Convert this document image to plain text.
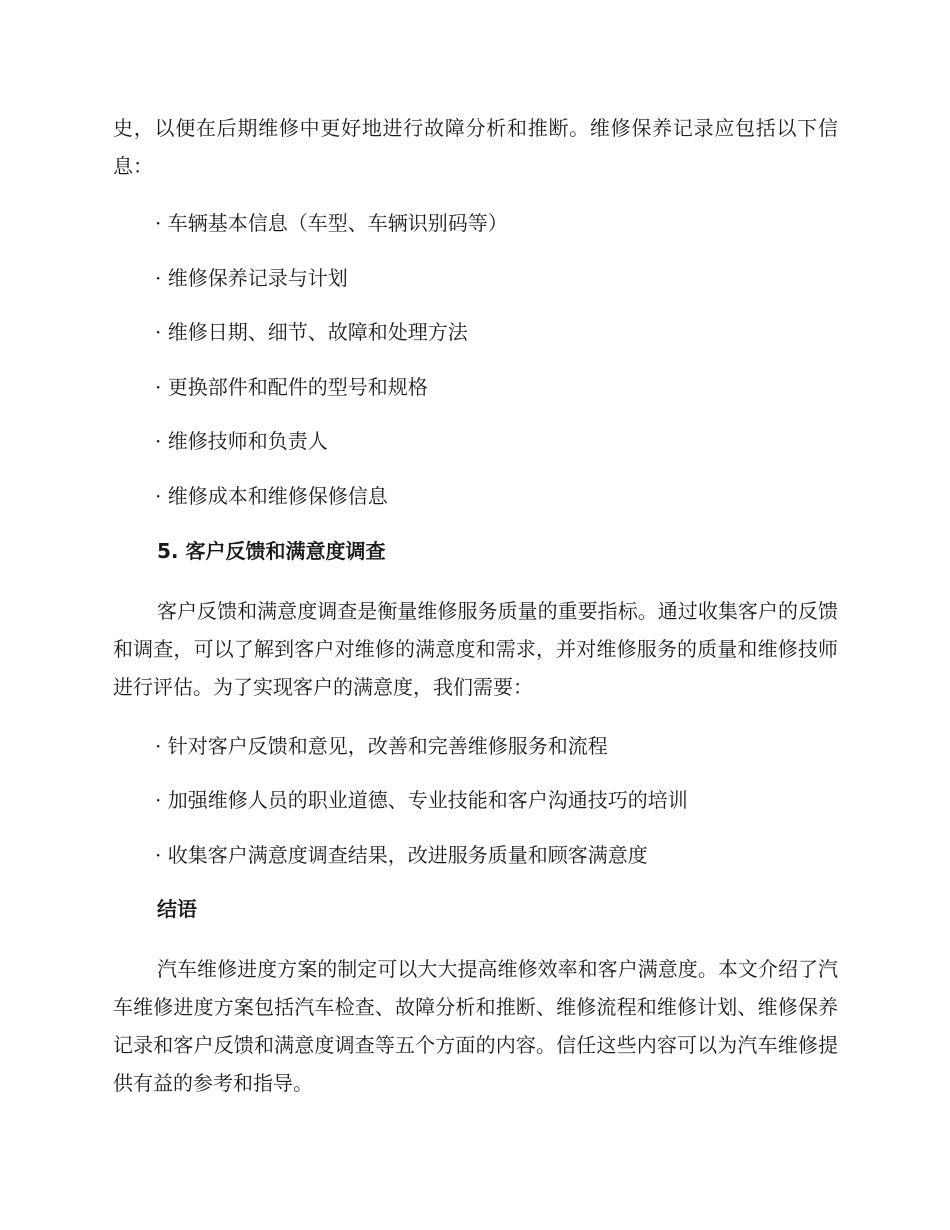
史，以便在后期维修中更好地进行故障分析和推断。维修保养记录应包括以下信息：

· 车辆基本信息（车型、车辆识别码等）

· 维修保养记录与计划

· 维修日期、细节、故障和处理方法

· 更换部件和配件的型号和规格

· 维修技师和负责人

· 维修成本和维修保修信息

5. 客户反馈和满意度调查

客户反馈和满意度调查是衡量维修服务质量的重要指标。通过收集客户的反馈和调查，可以了解到客户对维修的满意度和需求，并对维修服务的质量和维修技师进行评估。为了实现客户的满意度，我们需要：

· 针对客户反馈和意见，改善和完善维修服务和流程

· 加强维修人员的职业道德、专业技能和客户沟通技巧的培训

· 收集客户满意度调查结果，改进服务质量和顾客满意度

结语

汽车维修进度方案的制定可以大大提高维修效率和客户满意度。本文介绍了汽车维修进度方案包括汽车检查、故障分析和推断、维修流程和维修计划、维修保养记录和客户反馈和满意度调查等五个方面的内容。信任这些内容可以为汽车维修提供有益的参考和指导。
